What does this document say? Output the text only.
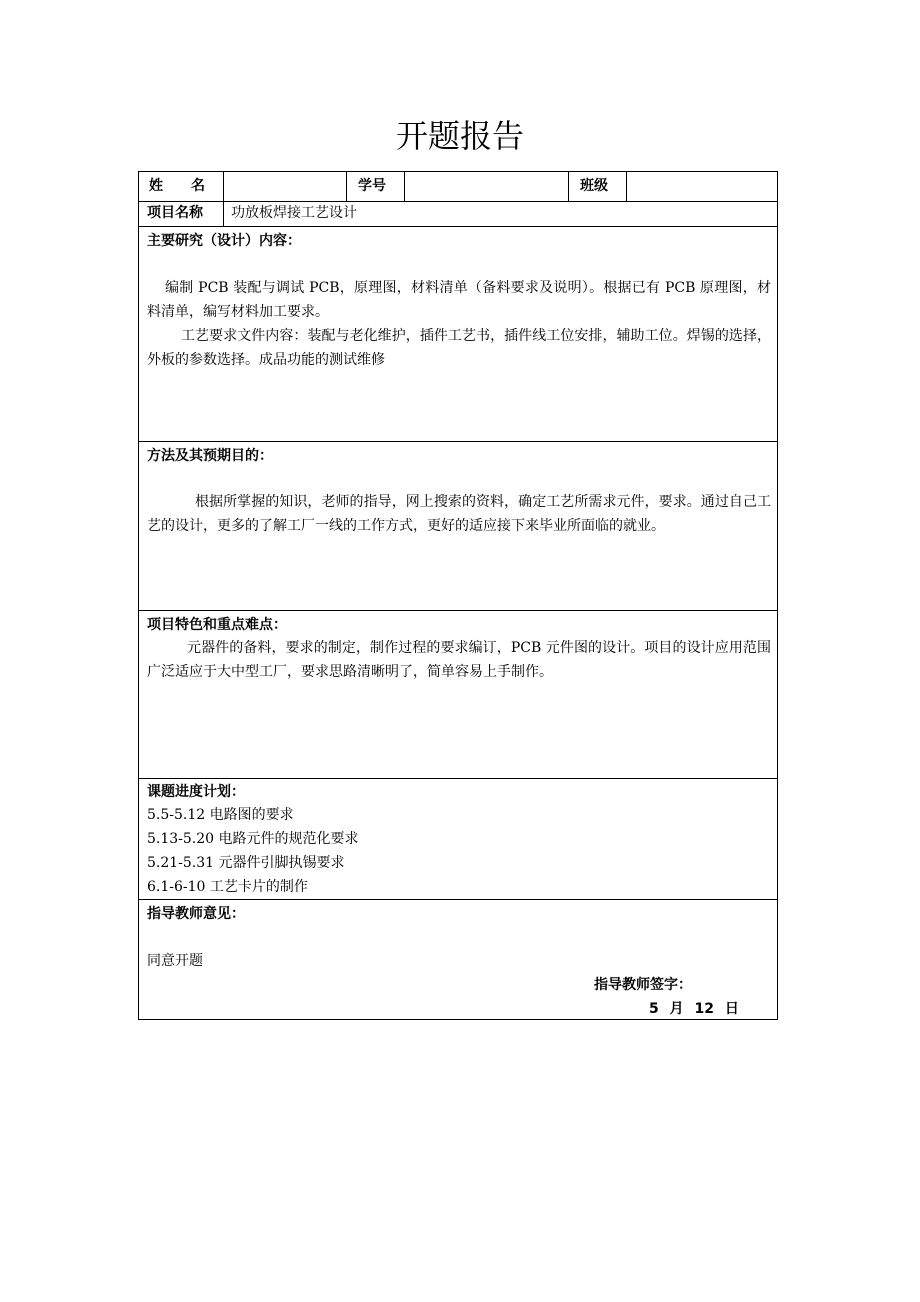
开题报告
姓　　名	学号	班级
项目名称 功放板焊接工艺设计
主要研究（设计）内容：
编制 PCB 装配与调试 PCB，原理图，材料清单（备料要求及说明）。根据已有 PCB 原理图，材料清单，编写材料加工要求。
工艺要求文件内容：装配与老化维护，插件工艺书，插件线工位安排，辅助工位。焊锡的选择，外板的参数选择。成品功能的测试维修
方法及其预期目的：
根据所掌握的知识，老师的指导，网上搜索的资料，确定工艺所需求元件，要求。通过自己工艺的设计，更多的了解工厂一线的工作方式，更好的适应接下来毕业所面临的就业。
项目特色和重点难点：
元器件的备料，要求的制定，制作过程的要求编订，PCB 元件图的设计。项目的设计应用范围广泛适应于大中型工厂，要求思路清晰明了，简单容易上手制作。
课题进度计划：
5.5-5.12 电路图的要求
5.13-5.20 电路元件的规范化要求
5.21-5.31 元器件引脚执锡要求
6.1-6-10 工艺卡片的制作
指导教师意见：
同意开题
指导教师签字：
5 月 12 日
